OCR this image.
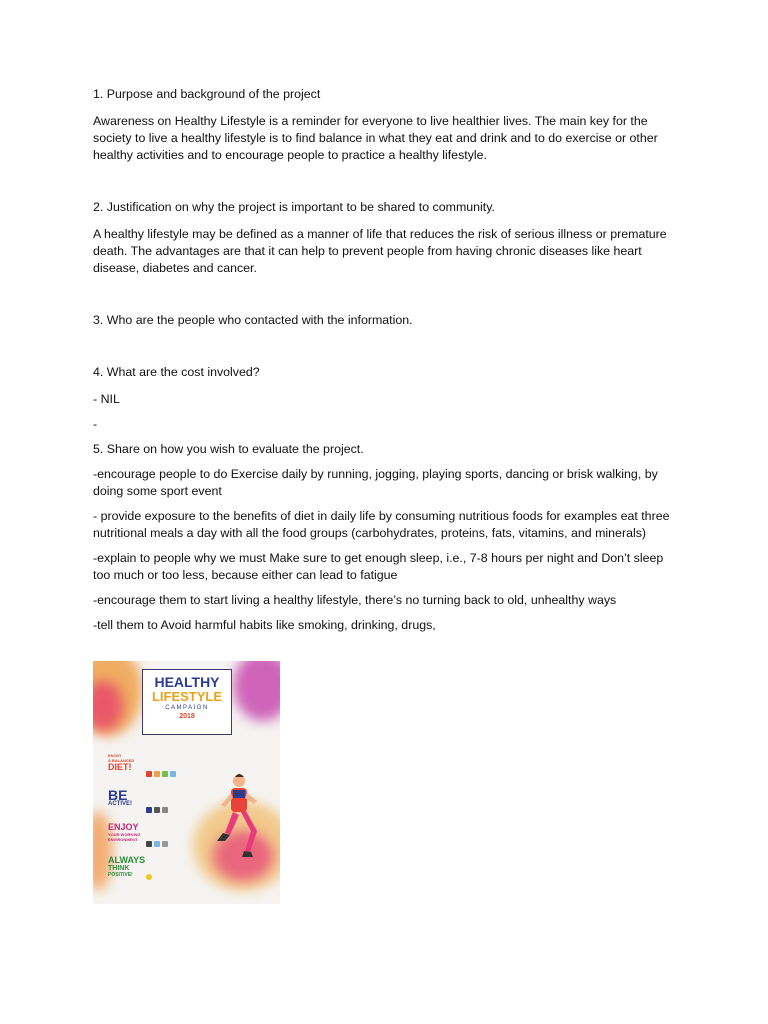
1. Purpose and background of the project

Awareness on Healthy Lifestyle is a reminder for everyone to live healthier lives. The main key for the society to live a healthy lifestyle is to find balance in what they eat and drink and to do exercise or other healthy activities and to encourage people to practice a healthy lifestyle.

2. Justification on why the project is important to be shared to community.

A healthy lifestyle may be defined as a manner of life that reduces the risk of serious illness or premature death. The advantages are that it can help to prevent people from having chronic diseases like heart disease, diabetes and cancer.

3. Who are the people who contacted with the information.

4. What are the cost involved?

- NIL

-

5. Share on how you wish to evaluate the project.

-encourage people to do Exercise daily by running, jogging, playing sports, dancing or brisk walking, by doing some sport event

- provide exposure to the benefits of diet in daily life by consuming nutritious foods for examples eat three nutritional meals a day with all the food groups (carbohydrates, proteins, fats, vitamins, and minerals)

-explain to people why we must Make sure to get enough sleep, i.e., 7-8 hours per night and Don’t sleep too much or too less, because either can lead to fatigue

-encourage them to start living a healthy lifestyle, there’s no turning back to old, unhealthy ways

-tell them to Avoid harmful habits like smoking, drinking, drugs,

HEALTHY
LIFESTYLE
CAMPAIGN
2018
ENJOY
A BALANCED
DIET!
BE
ACTIVE!
ENJOY
YOUR WORKING ENVIRONMENT
ALWAYS
THINK
POSITIVE!
